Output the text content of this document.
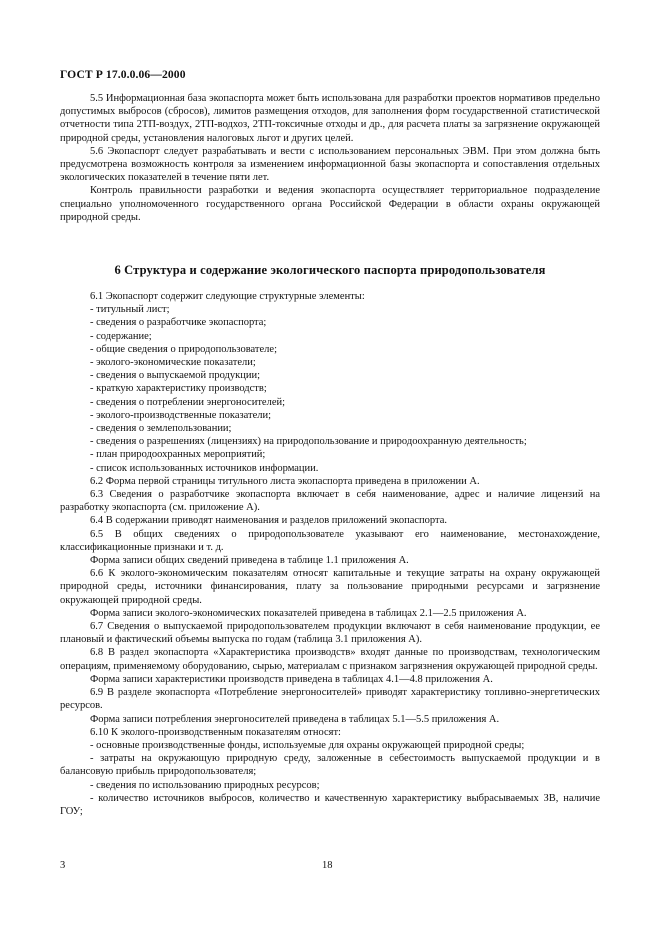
ГОСТ Р 17.0.0.06—2000

5.5 Информационная база экопаспорта может быть использована для разработки проектов нормативов предельно допустимых выбросов (сбросов), лимитов размещения отходов, для заполнения форм государственной статистической отчетности типа 2ТП-воздух, 2ТП-водхоз, 2ТП-токсичные отходы и др., для расчета платы за загрязнение окружающей природной среды, установления налоговых льгот и других целей.

5.6 Экопаспорт следует разрабатывать и вести с использованием персональных ЭВМ. При этом должна быть предусмотрена возможность контроля за изменением информационной базы экопаспорта и сопоставления отдельных экологических показателей в течение пяти лет.

Контроль правильности разработки и ведения экопаспорта осуществляет территориальное подразделение специально уполномоченного государственного органа Российской Федерации в области охраны окружающей природной среды.

6 Структура и содержание экологического паспорта природопользователя

6.1 Экопаспорт содержит следующие структурные элементы:

- титульный лист;

- сведения о разработчике экопаспорта;

- содержание;

- общие сведения о природопользователе;

- эколого-экономические показатели;

- сведения о выпускаемой продукции;

- краткую характеристику производств;

- сведения о потреблении энергоносителей;

- эколого-производственные показатели;

- сведения о землепользовании;

- сведения о разрешениях (лицензиях) на природопользование и природоохранную деятельность;

- план природоохранных мероприятий;

- список использованных источников информации.

6.2 Форма первой страницы титульного листа экопаспорта приведена в приложении А.

6.3 Сведения о разработчике экопаспорта включает в себя наименование, адрес и наличие лицензий на разработку экопаспорта (см. приложение А).

6.4 В содержании приводят наименования и разделов приложений экопаспорта.

6.5 В общих сведениях о природопользователе указывают его наименование, местонахождение, классификационные признаки и т. д.

Форма записи общих сведений приведена в таблице 1.1 приложения А.

6.6 К эколого-экономическим показателям относят капитальные и текущие затраты на охрану окружающей природной среды, источники финансирования, плату за пользование природными ресурсами и загрязнение окружающей природной среды.

Форма записи эколого-экономических показателей приведена в таблицах 2.1—2.5 приложения А.

6.7 Сведения о выпускаемой природопользователем продукции включают в себя наименование продукции, ее плановый и фактический объемы выпуска по годам (таблица 3.1 приложения А).

6.8 В раздел экопаспорта «Характеристика производств» входят данные по производствам, технологическим операциям, применяемому оборудованию, сырью, материалам с признаком загрязнения окружающей природной среды.

Форма записи характеристики производств приведена в таблицах 4.1—4.8 приложения А.

6.9 В разделе экопаспорта «Потребление энергоносителей» приводят характеристику топливно-энергетических ресурсов.

Форма записи потребления энергоносителей приведена в таблицах 5.1—5.5 приложения А.

6.10 К эколого-производственным показателям относят:

- основные производственные фонды, используемые для охраны окружающей природной среды;

- затраты на окружающую природную среду, заложенные в себестоимость выпускаемой продукции и в балансовую прибыль природопользователя;

- сведения по использованию природных ресурсов;

- количество источников выбросов, количество и качественную характеристику выбрасываемых ЗВ, наличие ГОУ;

3	18
